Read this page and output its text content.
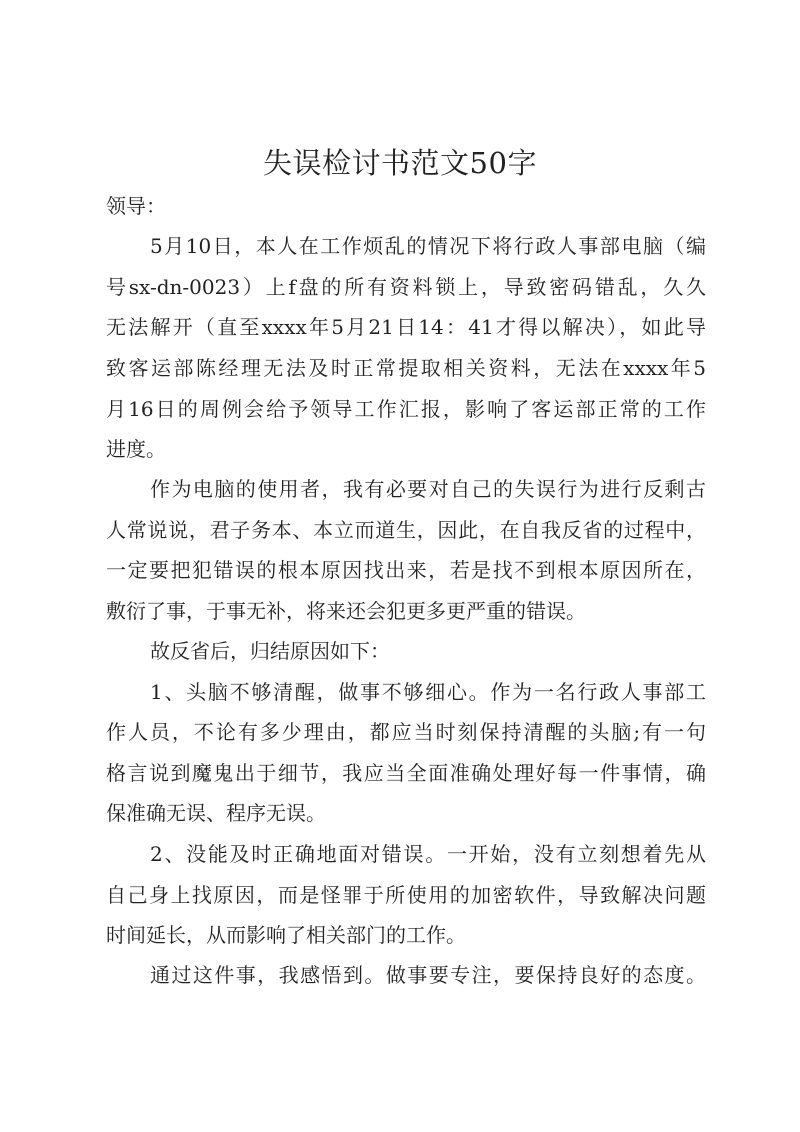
失误检讨书范文50字

领导：

5月10日，本人在工作烦乱的情况下将行政人事部电脑（编

号sx-dn-0023）上f盘的所有资料锁上，导致密码错乱，久久

无法解开（直至xxxx年5月21日14：41才得以解决），如此导

致客运部陈经理无法及时正常提取相关资料，无法在xxxx年5

月16日的周例会给予领导工作汇报，影响了客运部正常的工作

进度。

作为电脑的使用者，我有必要对自己的失误行为进行反剩古

人常说说，君子务本、本立而道生，因此，在自我反省的过程中，

一定要把犯错误的根本原因找出来，若是找不到根本原因所在，

敷衍了事，于事无补，将来还会犯更多更严重的错误。

故反省后，归结原因如下：

1、头脑不够清醒，做事不够细心。作为一名行政人事部工

作人员，不论有多少理由，都应当时刻保持清醒的头脑;有一句

格言说到魔鬼出于细节，我应当全面准确处理好每一件事情，确

保准确无误、程序无误。

2、没能及时正确地面对错误。一开始，没有立刻想着先从

自己身上找原因，而是怪罪于所使用的加密软件，导致解决问题

时间延长，从而影响了相关部门的工作。

通过这件事，我感悟到。做事要专注，要保持良好的态度。
